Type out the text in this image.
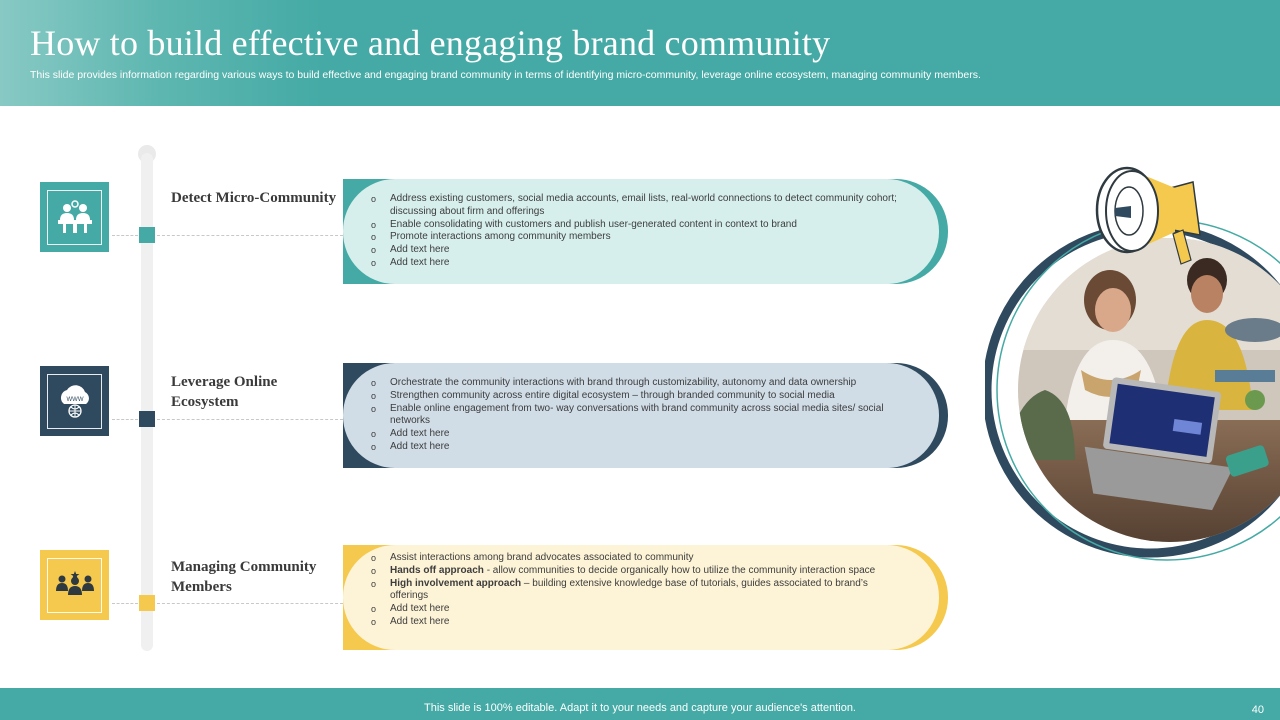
How to build effective and engaging brand community

This slide provides information regarding various ways to build effective and engaging brand community in terms of identifying micro-community, leverage online ecosystem, managing community members.

Detect Micro-Community
o	Address existing customers, social media accounts, email lists, real-world connections to detect community cohort; discussing about firm and offerings
o Enable consolidating with customers and publish user-generated content in context to brand
o Promote interactions among community members
o Add text here
o Add text here
WWW
Leverage Online Ecosystem
o Orchestrate the community interactions with brand through customizability, autonomy and data ownership
o Strengthen community across entire digital ecosystem – through branded community to social media
o Enable online engagement from two- way conversations with brand community across social media sites/ social networks
o Add text here
o Add text here
Managing Community Members
o Assist interactions among brand advocates associated to community
o Hands off approach - allow communities to decide organically how to utilize the community interaction space
o High involvement approach – building extensive knowledge base of tutorials, guides associated to brand’s offerings
o Add text here
o Add text here
This slide is 100% editable. Adapt it to your needs and capture your audience's attention.	40
